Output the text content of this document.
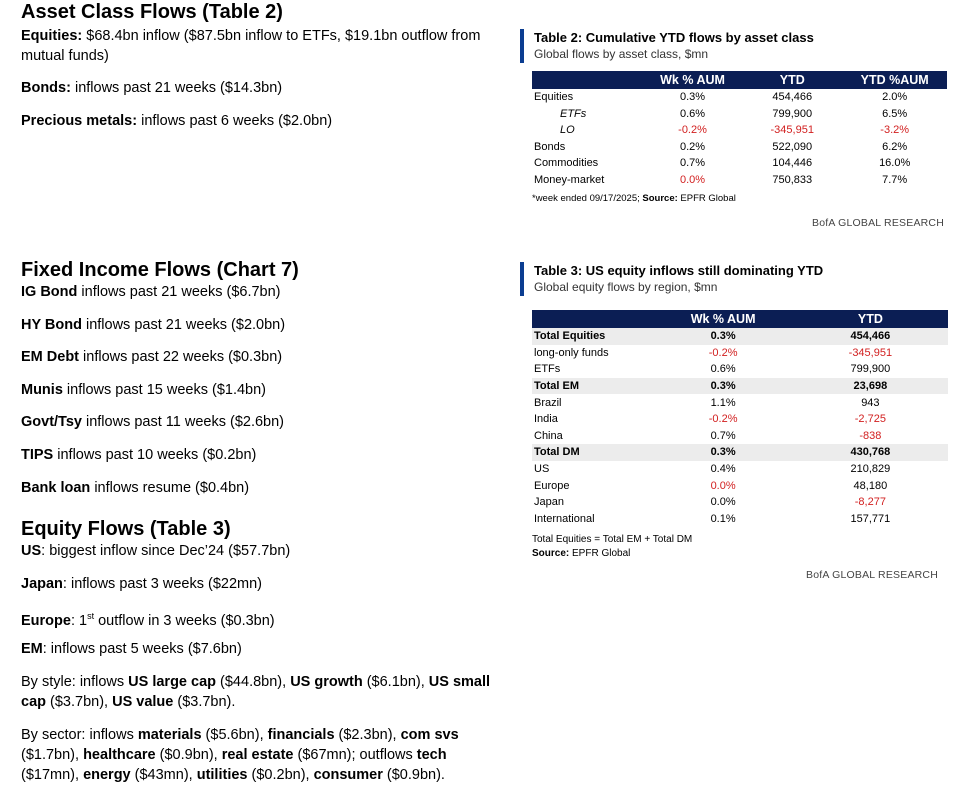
Asset Class Flows (Table 2)
Equities: $68.4bn inflow ($87.5bn inflow to ETFs, $19.1bn outflow from mutual funds)
Bonds: inflows past 21 weeks ($14.3bn)
Precious metals: inflows past 6 weeks ($2.0bn)
Fixed Income Flows (Chart 7)
IG Bond inflows past 21 weeks ($6.7bn)
HY Bond inflows past 21 weeks ($2.0bn)
EM Debt inflows past 22 weeks ($0.3bn)
Munis inflows past 15 weeks ($1.4bn)
Govt/Tsy inflows past 11 weeks ($2.6bn)
TIPS inflows past 10 weeks ($0.2bn)
Bank loan inflows resume ($0.4bn)
Equity Flows (Table 3)
US: biggest inflow since Dec’24 ($57.7bn)
Japan: inflows past 3 weeks ($22mn)
Europe: 1st outflow in 3 weeks ($0.3bn)
EM: inflows past 5 weeks ($7.6bn)
By style: inflows US large cap ($44.8bn), US growth ($6.1bn), US small cap ($3.7bn), US value ($3.7bn).
By sector: inflows materials ($5.6bn), financials ($2.3bn), com svs ($1.7bn), healthcare ($0.9bn), real estate ($67mn); outflows tech ($17mn), energy ($43mn), utilities ($0.2bn), consumer ($0.9bn).
Table 2: Cumulative YTD flows by asset class
Global flows by asset class, $mn
	Wk % AUM	YTD	YTD %AUM
Equities	0.3%	454,466	2.0%
ETFs	0.6%	799,900	6.5%
LO	-0.2%	-345,951	-3.2%
Bonds	0.2%	522,090	6.2%
Commodities	0.7%	104,446	16.0%
Money-market	0.0%	750,833	7.7%
*week ended 09/17/2025; Source: EPFR Global
BofA GLOBAL RESEARCH
Table 3: US equity inflows still dominating YTD
Global equity flows by region, $mn
	Wk % AUM	YTD
Total Equities	0.3%	454,466
long-only funds	-0.2%	-345,951
ETFs	0.6%	799,900
Total EM	0.3%	23,698
Brazil	1.1%	943
India	-0.2%	-2,725
China	0.7%	-838
Total DM	0.3%	430,768
US	0.4%	210,829
Europe	0.0%	48,180
Japan	0.0%	-8,277
International	0.1%	157,771
Total Equities = Total EM + Total DM
Source: EPFR Global
BofA GLOBAL RESEARCH
